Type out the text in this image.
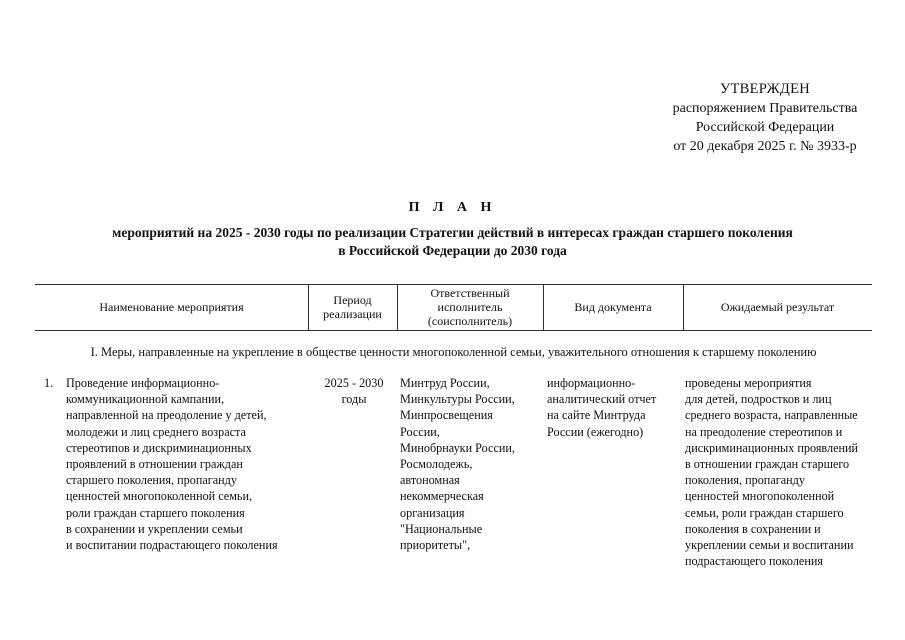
УТВЕРЖДЕН
распоряжением Правительства
Российской Федерации
от 20 декабря 2025 г. № 3933-р
П Л А Н
мероприятий на 2025 - 2030 годы по реализации Стратегии действий в интересах граждан старшего поколения
в Российской Федерации до 2030 года
Наименование мероприятия	Период
реализации
Ответственный
исполнитель
(соисполнитель)
Вид документа	Ожидаемый результат
I. Меры, направленные на укрепление в обществе ценности многопоколенной семьи, уважительного отношения к старшему поколению
1. Проведение информационно-
коммуникационной кампании,
направленной на преодоление у детей,
молодежи и лиц среднего возраста
стереотипов и дискриминационных
проявлений в отношении граждан
старшего поколения, пропаганду
ценностей многопоколенной семьи,
роли граждан старшего поколения
в сохранении и укреплении семьи
и воспитании подрастающего поколения
2025 - 2030
годы
Минтруд России,
Минкультуры России,
Минпросвещения
России,
Минобрнауки России,
Росмолодежь,
автономная
некоммерческая
организация
"Национальные
приоритеты",
информационно-
аналитический отчет
на сайте Минтруда
России (ежегодно)
проведены мероприятия
для детей, подростков и лиц
среднего возраста, направленные
на преодоление стереотипов и
дискриминационных проявлений
в отношении граждан старшего
поколения, пропаганду
ценностей многопоколенной
семьи, роли граждан старшего
поколения в сохранении и
укреплении семьи и воспитании
подрастающего поколения
